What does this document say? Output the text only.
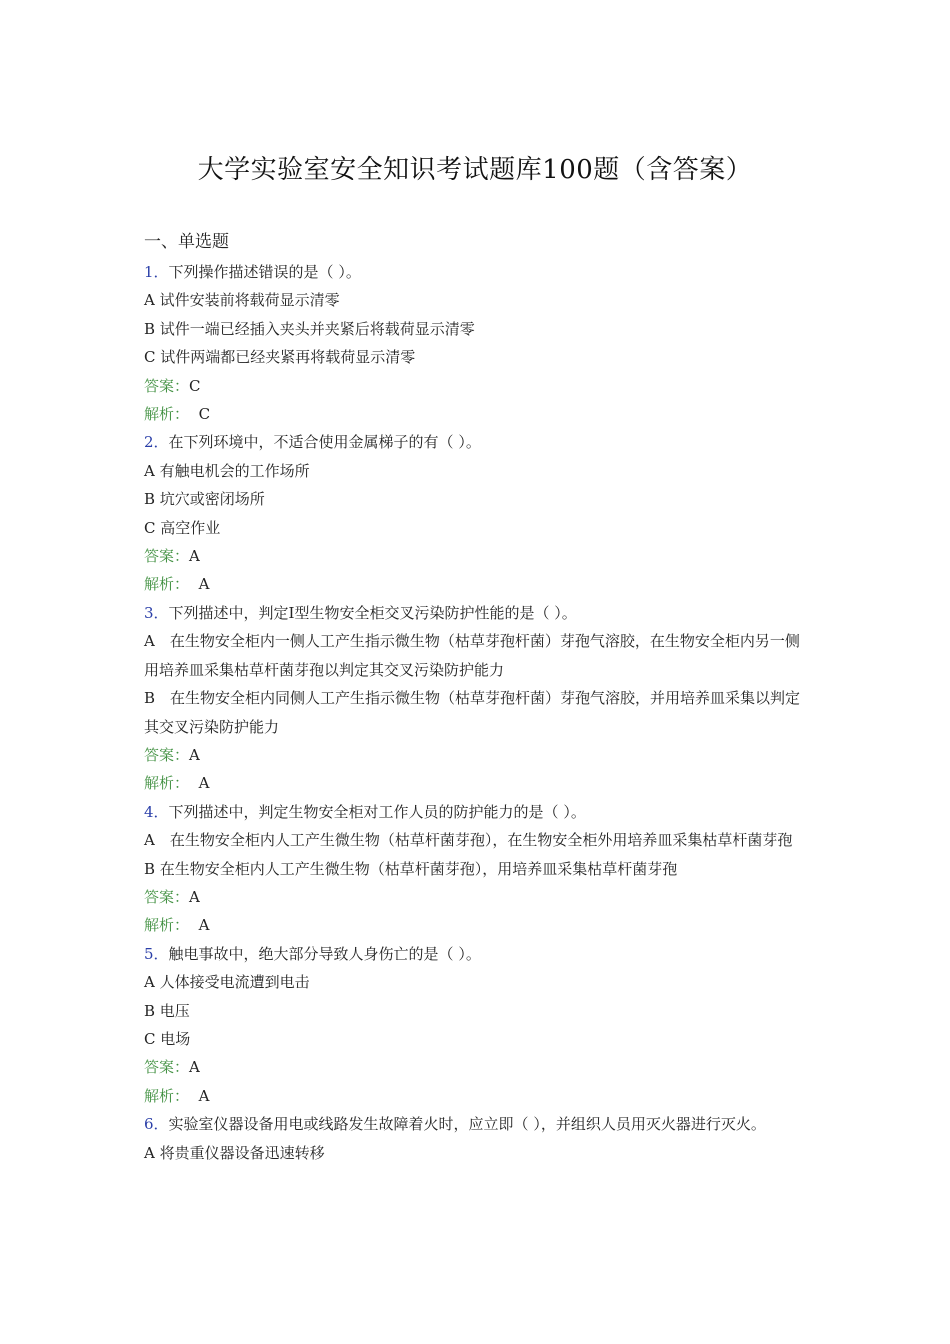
大学实验室安全知识考试题库100题（含答案）
一、单选题
1．下列操作描述错误的是（ ）。
A 试件安装前将载荷显示清零
B 试件一端已经插入夹头并夹紧后将载荷显示清零
C 试件两端都已经夹紧再将载荷显示清零
答案：C
解析： C
2．在下列环境中，不适合使用金属梯子的有（ ）。
A 有触电机会的工作场所
B 坑穴或密闭场所
C 高空作业
答案：A
解析： A
3．下列描述中，判定Ⅰ型生物安全柜交叉污染防护性能的是（ ）。
A　在生物安全柜内一侧人工产生指示微生物（枯草芽孢杆菌）芽孢气溶胶，在生物安全柜内另一侧用培养皿采集枯草杆菌芽孢以判定其交叉污染防护能力
B　在生物安全柜内同侧人工产生指示微生物（枯草芽孢杆菌）芽孢气溶胶，并用培养皿采集以判定其交叉污染防护能力
答案：A
解析： A
4．下列描述中，判定生物安全柜对工作人员的防护能力的是（ ）。
A　在生物安全柜内人工产生微生物（枯草杆菌芽孢），在生物安全柜外用培养皿采集枯草杆菌芽孢
B 在生物安全柜内人工产生微生物（枯草杆菌芽孢），用培养皿采集枯草杆菌芽孢
答案：A
解析： A
5．触电事故中，绝大部分导致人身伤亡的是（ ）。
A 人体接受电流遭到电击
B 电压
C 电场
答案：A
解析： A
6．实验室仪器设备用电或线路发生故障着火时，应立即（ ），并组织人员用灭火器进行灭火。
A 将贵重仪器设备迅速转移
